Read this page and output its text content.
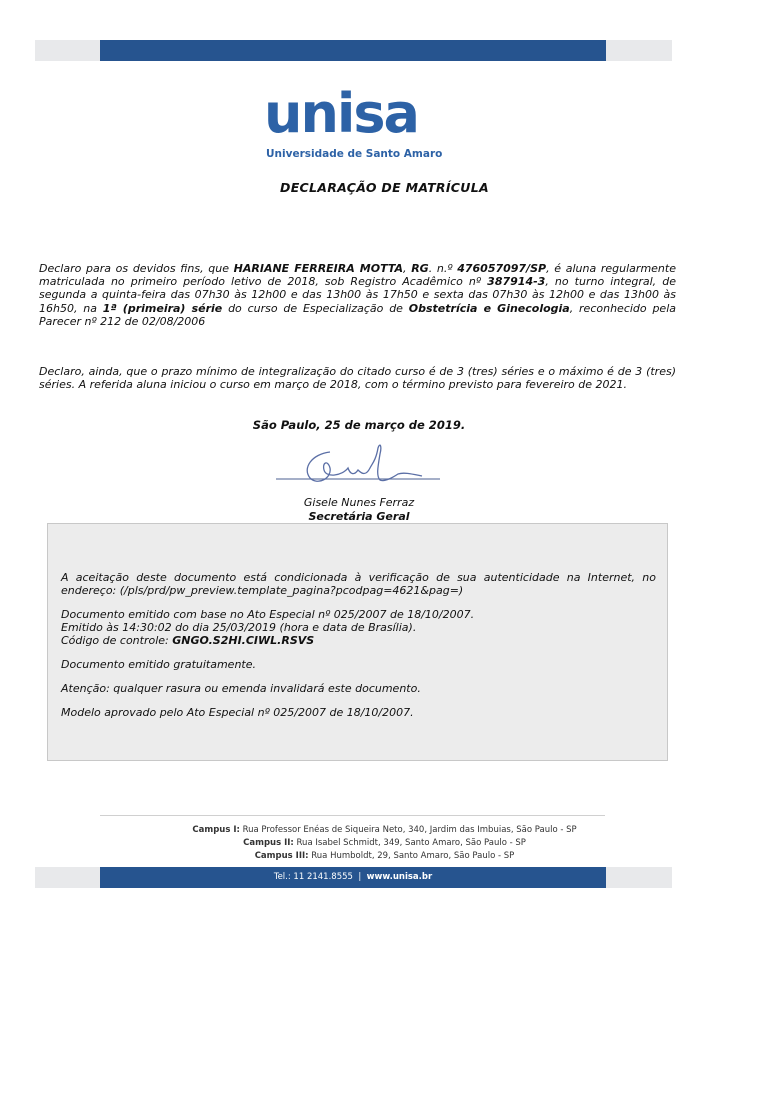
unisa
Universidade de Santo Amaro
DECLARAÇÃO DE MATRÍCULA
Declaro para os devidos fins, que HARIANE FERREIRA MOTTA, RG. n.º 476057097/SP, é aluna regularmente matriculada no primeiro período letivo de 2018, sob Registro Acadêmico nº 387914-3, no turno integral, de segunda a quinta-feira das 07h30 às 12h00 e das 13h00 às 17h50 e sexta das 07h30 às 12h00 e das 13h00 às 16h50, na 1ª (primeira) série do curso de Especialização de Obstetrícia e Ginecologia, reconhecido pela Parecer nº 212 de 02/08/2006
Declaro, ainda, que o prazo mínimo de integralização do citado curso é de 3 (tres) séries e o máximo é de 3 (tres) séries. A referida aluna iniciou o curso em março de 2018, com o término previsto para fevereiro de 2021.
São Paulo, 25 de março de 2019.
Gisele Nunes Ferraz
Secretária Geral
A aceitação deste documento está condicionada à verificação de sua autenticidade na Internet, no endereço: (/pls/prd/pw_preview.template_pagina?pcodpag=4621&pag=)
Documento emitido com base no Ato Especial nº 025/2007 de 18/10/2007.
Emitido às 14:30:02 do dia 25/03/2019 (hora e data de Brasília).
Código de controle: GNGO.S2HI.CIWL.RSVS
Documento emitido gratuitamente.
Atenção: qualquer rasura ou emenda invalidará este documento.
Modelo aprovado pelo Ato Especial nº 025/2007 de 18/10/2007.
Campus I: Rua Professor Enéas de Siqueira Neto, 340, Jardim das Imbuias, São Paulo - SP
Campus II: Rua Isabel Schmidt, 349, Santo Amaro, São Paulo - SP
Campus III: Rua Humboldt, 29, Santo Amaro, São Paulo - SP
Tel.: 11 2141.8555 | www.unisa.br
